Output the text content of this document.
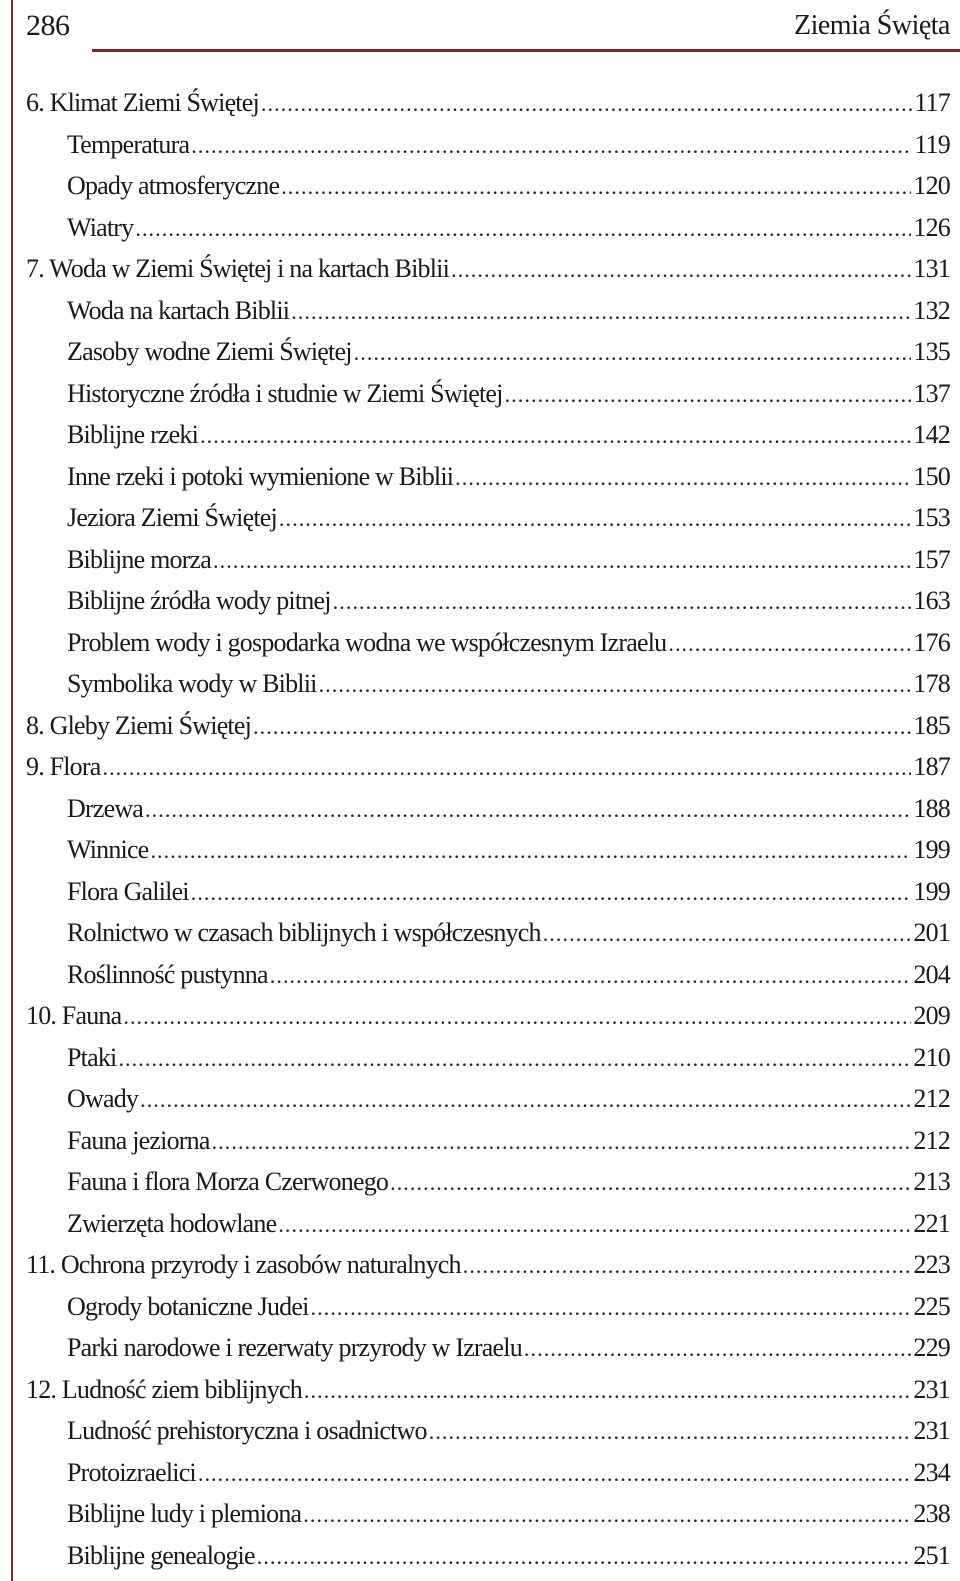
286	Ziemia Święta
6. Klimat Ziemi Świętej . . .	117
Temperatura . . .	119
Opady atmosferyczne . . .	120
Wiatry . . .	126
7. Woda w Ziemi Świętej i na kartach Biblii . . .	131
Woda na kartach Biblii . . .	132
Zasoby wodne Ziemi Świętej . . .	135
Historyczne źródła i studnie w Ziemi Świętej . . .	137
Biblijne rzeki . . .	142
Inne rzeki i potoki wymienione w Biblii . . .	150
Jeziora Ziemi Świętej . . .	153
Biblijne morza . . .	157
Biblijne źródła wody pitnej . . .	163
Problem wody i gospodarka wodna we współczesnym Izraelu . . .	176
Symbolika wody w Biblii . . .	178
8. Gleby Ziemi Świętej . . .	185
9. Flora . . .	187
Drzewa . . .	188
Winnice . . .	199
Flora Galilei . . .	199
Rolnictwo w czasach biblijnych i współczesnych . . .	201
Roślinność pustynna . . .	204
10. Fauna . . .	209
Ptaki . . .	210
Owady . . .	212
Fauna jeziorna . . .	212
Fauna i flora Morza Czerwonego . . .	213
Zwierzęta hodowlane . . .	221
11. Ochrona przyrody i zasobów naturalnych . . .	223
Ogrody botaniczne Judei . . .	225
Parki narodowe i rezerwaty przyrody w Izraelu . . .	229
12. Ludność ziem biblijnych . . .	231
Ludność prehistoryczna i osadnictwo . . .	231
Protoizraelici . . .	234
Biblijne ludy i plemiona . . .	238
Biblijne genealogie . . .	251
